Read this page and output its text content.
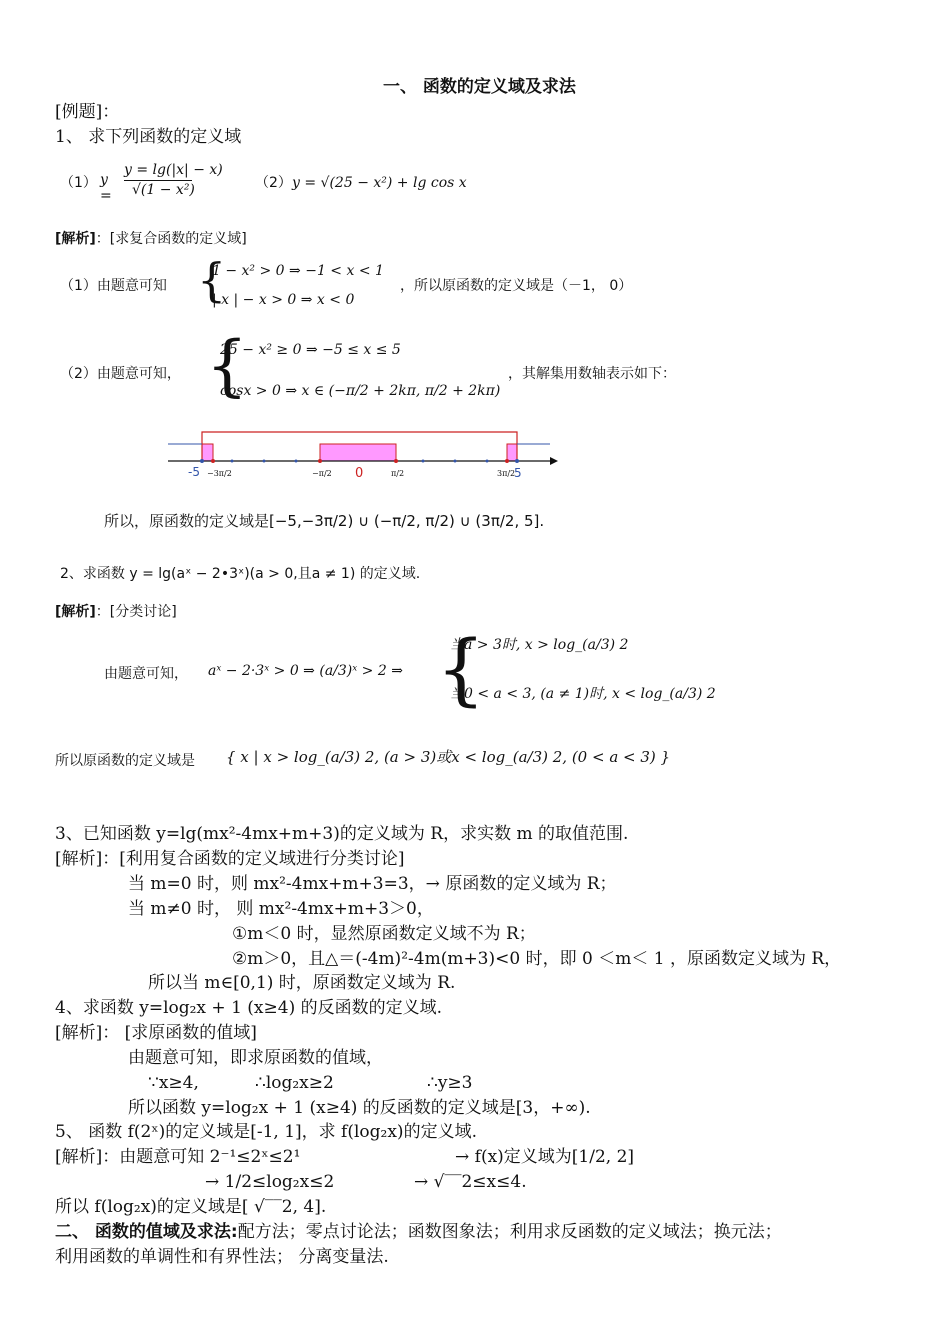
一、 函数的定义域及求法
[例题]：
1、 求下列函数的定义域
（1） y =
y = lg(|x| − x)
√(1 − x²)	（2） y = √(25 − x²) + lg cos x
[解析]：[求复合函数的定义域]
（1）由题意可知 {
1 − x² > 0 ⇒ −1 < x < 1
| x | − x > 0 ⇒ x < 0
，所以原函数的定义域是（－1， 0）
（2）由题意可知， {
25 − x² ≥ 0 ⇒ −5 ≤ x ≤ 5
cosx > 0 ⇒ x ∈ (−π/2 + 2kπ, π/2 + 2kπ)
，其解集用数轴表示如下：
-5 −3π/2	−π/2 0	π/2	3π/2
5
所以，原函数的定义域是[−5,−3π/2) ∪ (−π/2, π/2) ∪ (3π/2, 5].
2、求函数 y = lg(aˣ − 2•3ˣ)(a > 0,且a ≠ 1) 的定义域.
[解析]：[分类讨论]
由题意可知， aˣ − 2·3ˣ > 0 ⇒ (a/3)ˣ > 2 ⇒ {
当a > 3时, x > log_(a/3) 2
当0 < a < 3, (a ≠ 1)时, x < log_(a/3) 2
所以原函数的定义域是 { x | x > log_(a/3) 2, (a > 3)或x < log_(a/3) 2, (0 < a < 3) }
3、已知函数 y=lg(mx²-4mx+m+3)的定义域为 R，求实数 m 的取值范围.
[解析]：[利用复合函数的定义域进行分类讨论]
当 m=0 时，则 mx²-4mx+m+3=3，→ 原函数的定义域为 R；
当 m≠0 时， 则 mx²-4mx+m+3＞0，
①m＜0 时，显然原函数定义域不为 R；
②m＞0，且△＝(-4m)²-4m(m+3)<0 时，即 0 ＜m＜ 1 ，原函数定义域为 R，
所以当 m∈[0,1) 时，原函数定义域为 R.
4、求函数 y=log₂x + 1 (x≥4) 的反函数的定义域.
[解析]： [求原函数的值域]
由题意可知，即求原函数的值域，
∵x≥4,	∴log₂x≥2	∴y≥3
所以函数 y=log₂x + 1 (x≥4) 的反函数的定义域是[3，+∞).
5、 函数 f(2ˣ)的定义域是[-1, 1]，求 f(log₂x)的定义域.
[解析]：由题意可知 2⁻¹≤2ˣ≤2¹	→ f(x)定义域为[1/2, 2]
→ 1/2≤log₂x≤2	→ √‾‾2≤x≤4.
所以 f(log₂x)的定义域是[ √‾‾2, 4].
二、 函数的值域及求法:配方法；零点讨论法；函数图象法；利用求反函数的定义域法；换元法；
利用函数的单调性和有界性法； 分离变量法.
